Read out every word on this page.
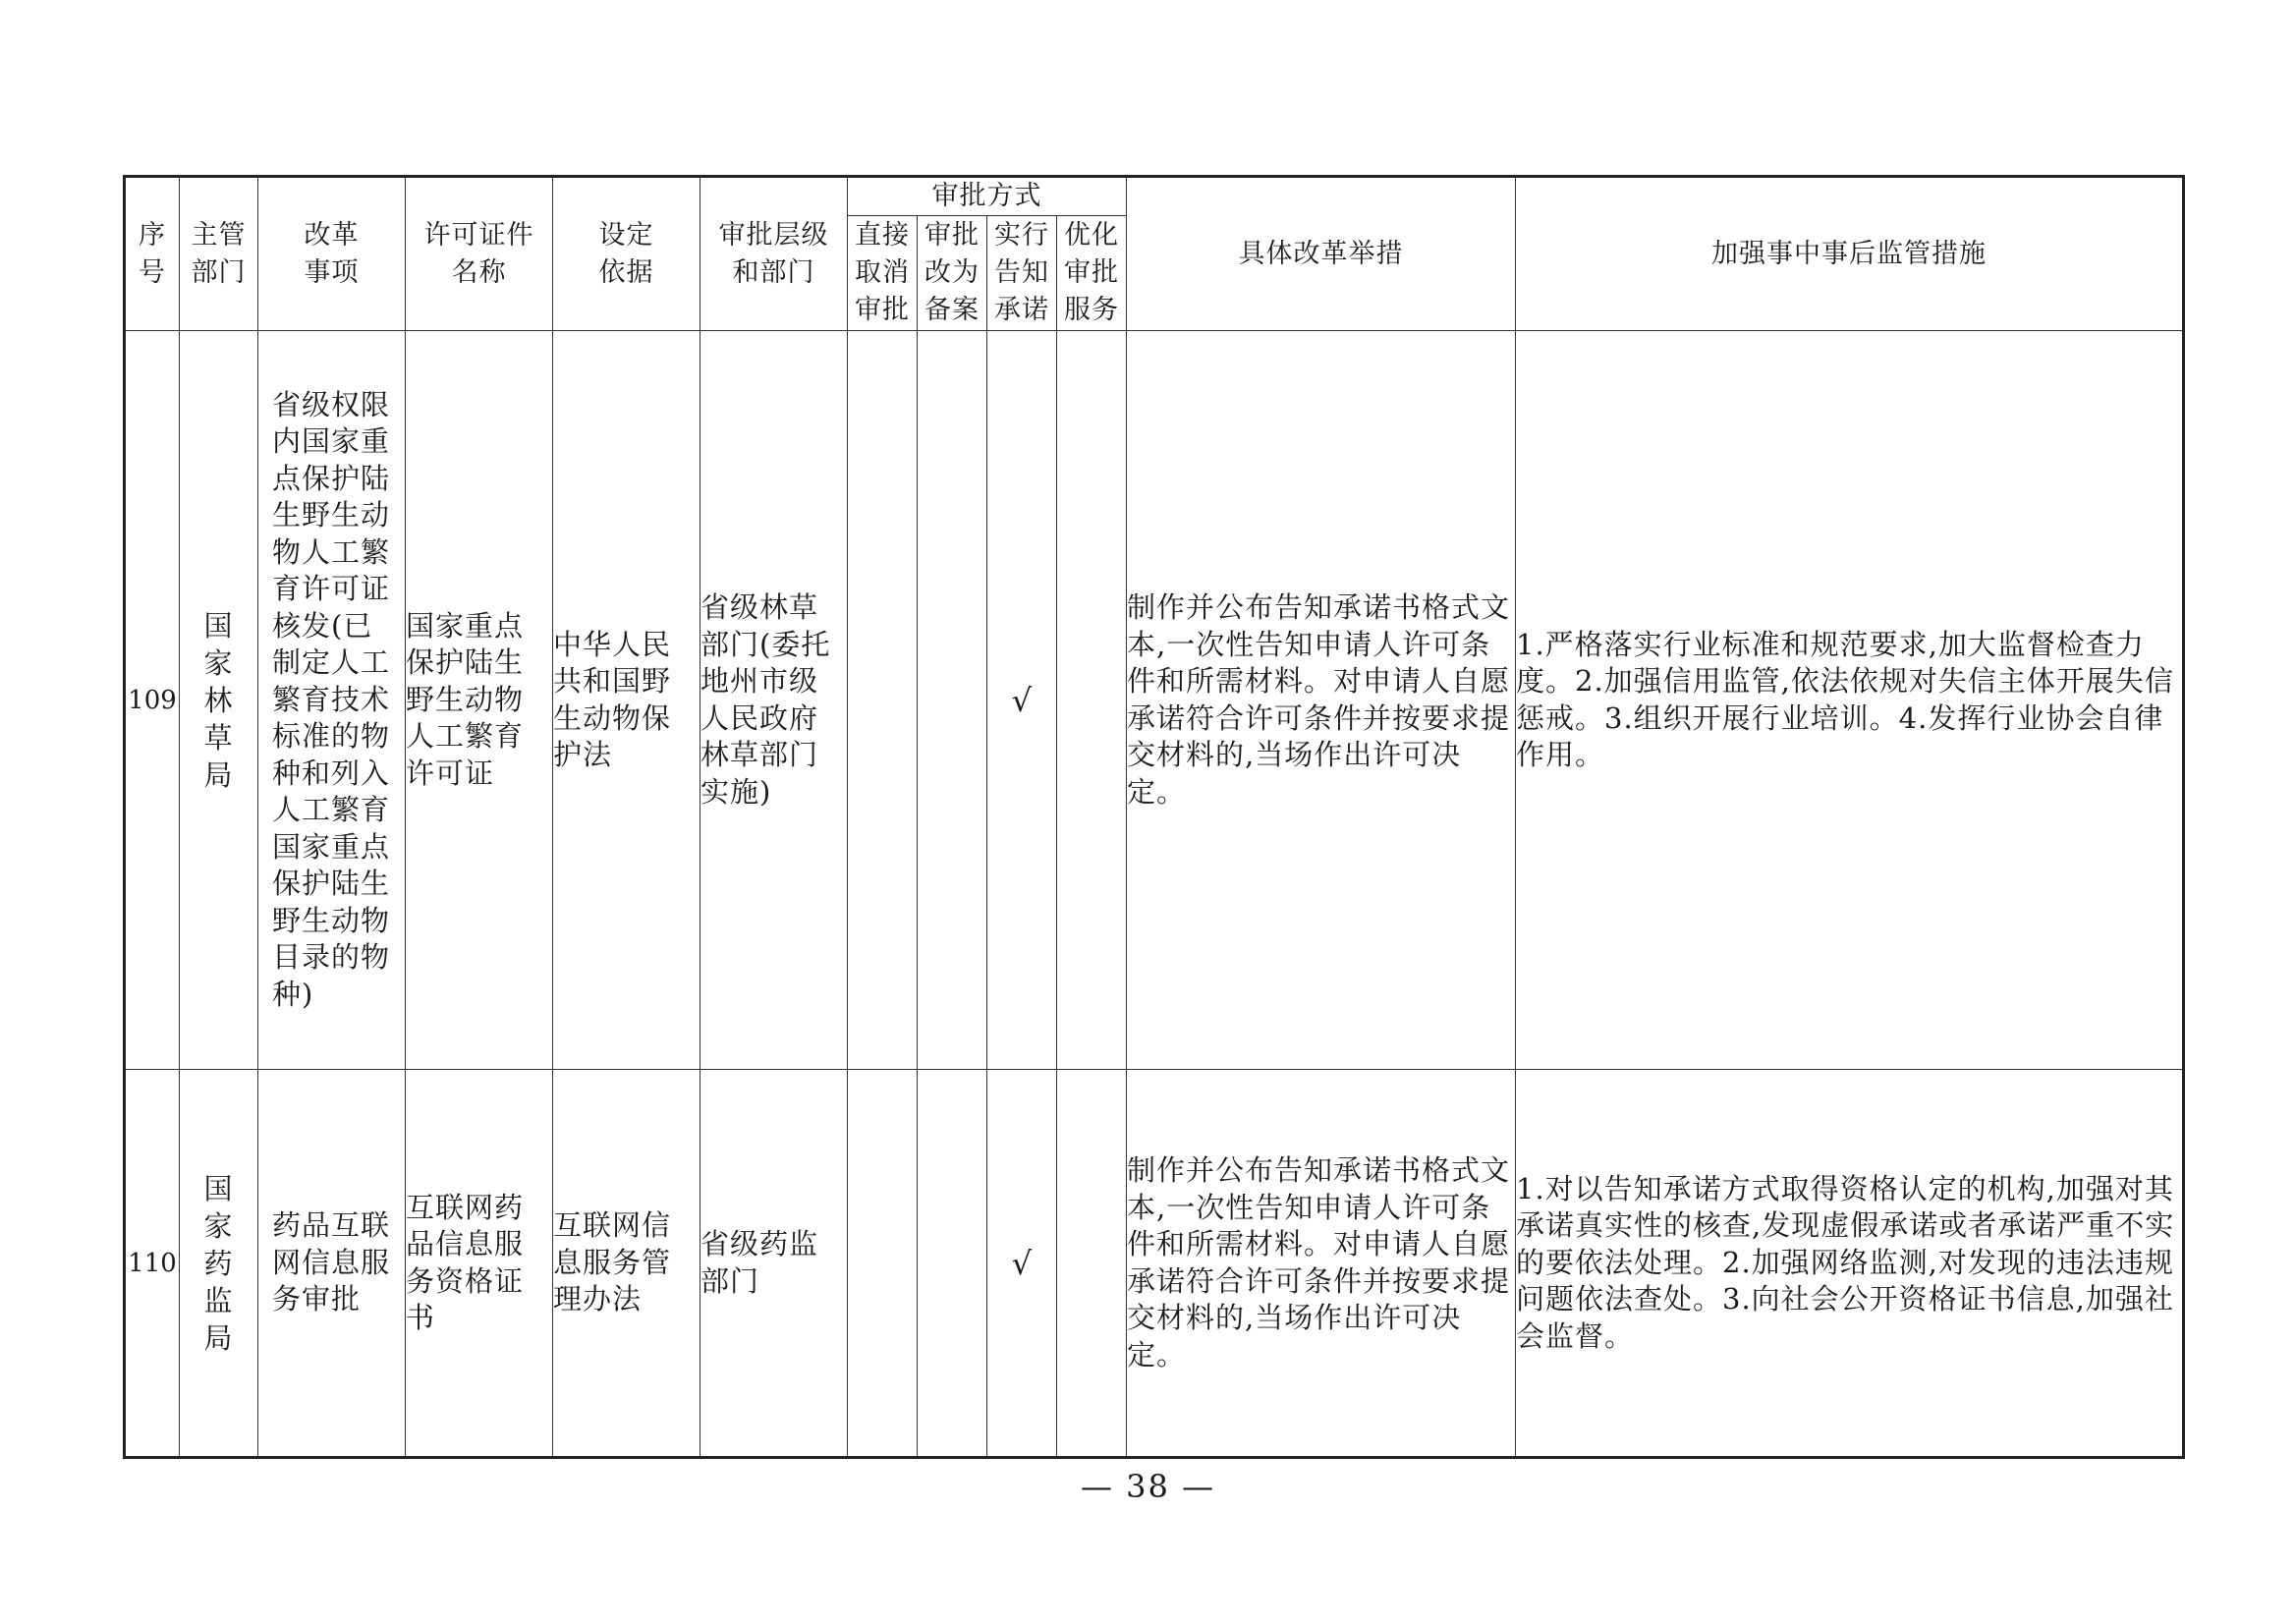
序号	主管部门	改革事项	许可证件名称	设定依据	审批层级和部门	审批方式				具体改革举措	加强事中事后监管措施

						直接取消审批	审批改为备案	实行告知承诺	优化审批服务		

109	国家林草局	省级权限内国家重点保护陆生野生动物人工繁育许可证核发(已制定人工繁育技术标准的物种和列入人工繁育国家重点保护陆生野生动物目录的物种)	国家重点保护陆生野生动物人工繁育许可证	中华人民共和国野生动物保护法	省级林草部门(委托地州市级人民政府林草部门实施)			√		制作并公布告知承诺书格式文本,一次性告知申请人许可条件和所需材料。对申请人自愿承诺符合许可条件并按要求提交材料的,当场作出许可决定。	1.严格落实行业标准和规范要求,加大监督检查力度。2.加强信用监管,依法依规对失信主体开展失信惩戒。3.组织开展行业培训。4.发挥行业协会自律作用。
110	国家药监局	药品互联网信息服务审批	互联网药品信息服务资格证书	互联网信息服务管理办法	省级药监部门			√		制作并公布告知承诺书格式文本,一次性告知申请人许可条件和所需材料。对申请人自愿承诺符合许可条件并按要求提交材料的,当场作出许可决定。	1.对以告知承诺方式取得资格认定的机构,加强对其承诺真实性的核查,发现虚假承诺或者承诺严重不实的要依法处理。2.加强网络监测,对发现的违法违规问题依法查处。3.向社会公开资格证书信息,加强社会监督。
— 38 —
